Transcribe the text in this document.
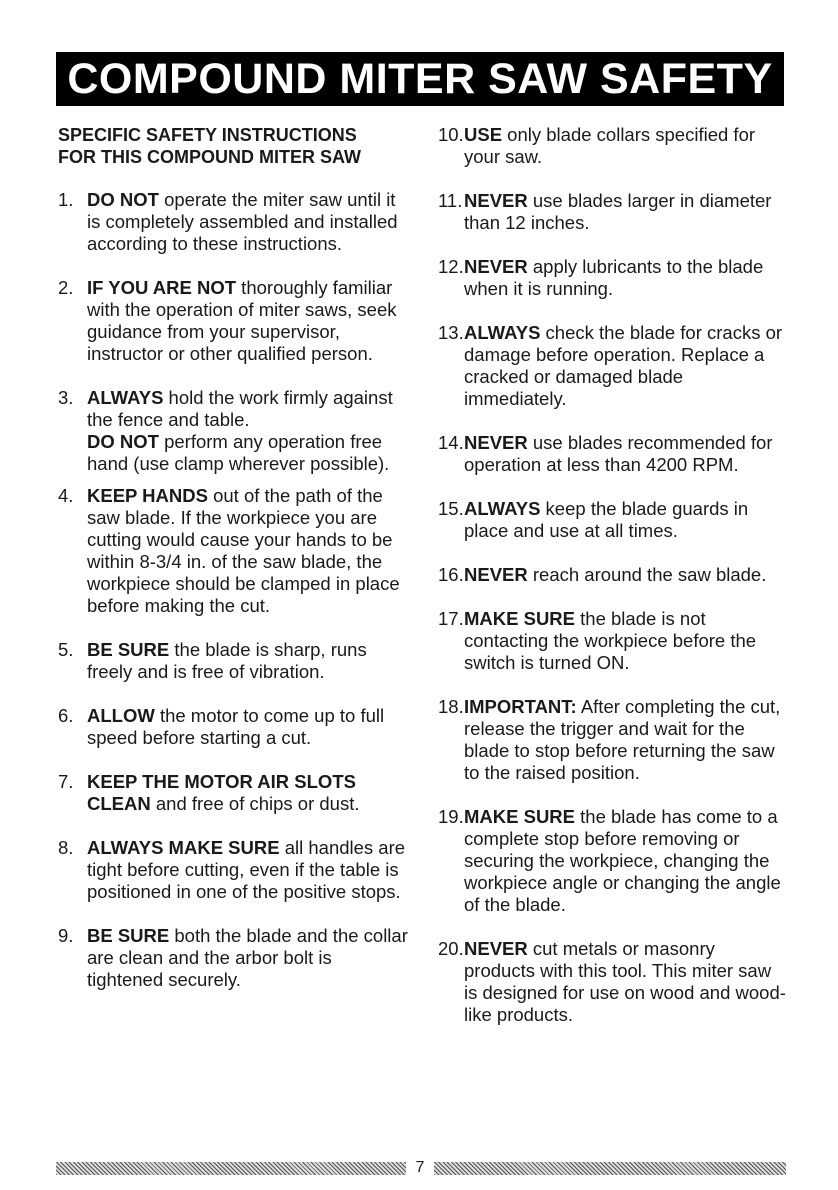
COMPOUND MITER SAW SAFETY
SPECIFIC SAFETY INSTRUCTIONS
FOR THIS COMPOUND MITER SAW
1. DO NOT operate the miter saw until it is completely assembled and installed according to these instructions.
2. IF YOU ARE NOT thoroughly familiar with the operation of miter saws, seek guidance from your supervisor, instructor or other qualified person.
3. ALWAYS hold the work firmly against the fence and table.
DO NOT perform any operation free hand (use clamp wherever possible).
4. KEEP HANDS out of the path of the saw blade. If the workpiece you are cutting would cause your hands to be within 8-3/4 in. of the saw blade, the workpiece should be clamped in place before making the cut.
5. BE SURE the blade is sharp, runs freely and is free of vibration.
6. ALLOW the motor to come up to full speed before starting a cut.
7. KEEP THE MOTOR AIR SLOTS CLEAN and free of chips or dust.
8. ALWAYS MAKE SURE all handles are tight before cutting, even if the table is positioned in one of the positive stops.
9. BE SURE both the blade and the collar are clean and the arbor bolt is tightened securely.
10. USE only blade collars specified for your saw.
11. NEVER use blades larger in diameter than 12 inches.
12. NEVER apply lubricants to the blade when it is running.
13. ALWAYS check the blade for cracks or damage before operation. Replace a cracked or damaged blade immediately.
14. NEVER use blades recommended for operation at less than 4200 RPM.
15. ALWAYS keep the blade guards in place and use at all times.
16. NEVER reach around the saw blade.
17. MAKE SURE the blade is not contacting the workpiece before the switch is turned ON.
18. IMPORTANT: After completing the cut, release the trigger and wait for the blade to stop before returning the saw to the raised position.
19. MAKE SURE the blade has come to a complete stop before removing or securing the workpiece, changing the workpiece angle or changing the angle of the blade.
20. NEVER cut metals or masonry products with this tool. This miter saw is designed for use on wood and wood-like products.
7
